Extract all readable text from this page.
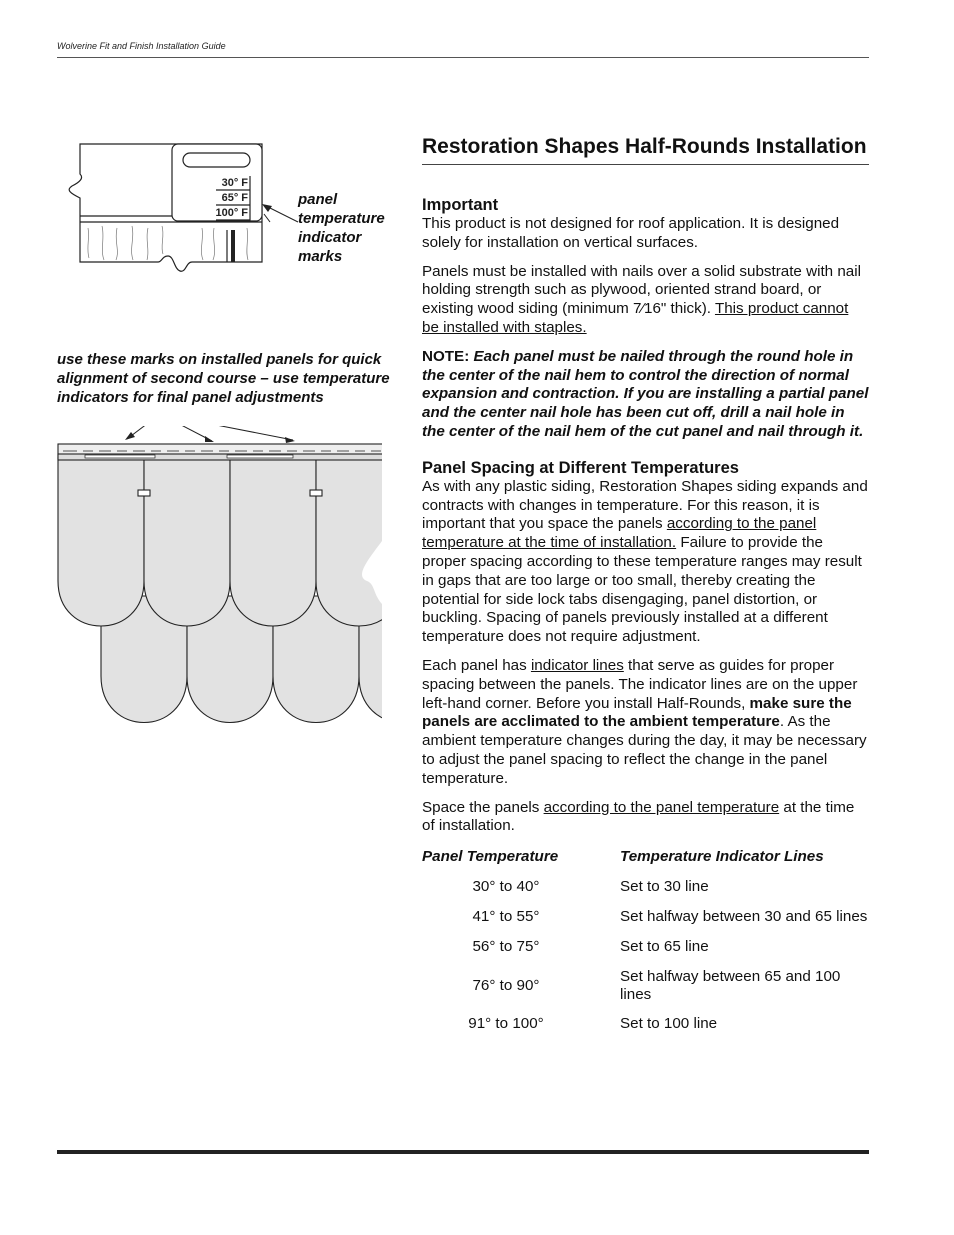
Wolverine Fit and Finish Installation Guide
30° F
65° F
100° F
panel temperature indicator marks
use these marks on installed panels for quick alignment of second course – use temperature indicators for final panel adjustments
Restoration Shapes Half-Rounds Installation
Important

This product is not designed for roof application. It is designed solely for installation on vertical surfaces.

Panels must be installed with nails over a solid substrate with nail holding strength such as plywood, oriented strand board, or existing wood siding (minimum 7⁄16" thick). This product cannot be installed with staples.

NOTE: Each panel must be nailed through the round hole in the center of the nail hem to control the direction of normal expansion and contraction. If you are installing a partial panel and the center nail hole has been cut off, drill a nail hole in the center of the nail hem of the cut panel and nail through it.

Panel Spacing at Different Temperatures

As with any plastic siding, Restoration Shapes siding expands and contracts with changes in temperature. For this reason, it is important that you space the panels according to the panel temperature at the time of installation. Failure to provide the proper spacing according to these temperature ranges may result in gaps that are too large or too small, thereby creating the potential for side lock tabs disengaging, panel distortion, or buckling. Spacing of panels previously installed at a different temperature does not require adjustment.

Each panel has indicator lines that serve as guides for proper spacing between the panels. The indicator lines are on the upper left-hand corner. Before you install Half-Rounds, make sure the panels are acclimated to the ambient temperature. As the ambient temperature changes during the day, it may be necessary to adjust the panel spacing to reflect the change in the panel temperature.

Space the panels according to the panel temperature at the time of installation.

Panel Temperature	Temperature Indicator Lines
30° to 40°	Set to 30 line
41° to 55°	Set halfway between 30 and 65 lines
56° to 75°	Set to 65 line
76° to 90°	Set halfway between 65 and 100 lines
91° to 100°	Set to 100 line
